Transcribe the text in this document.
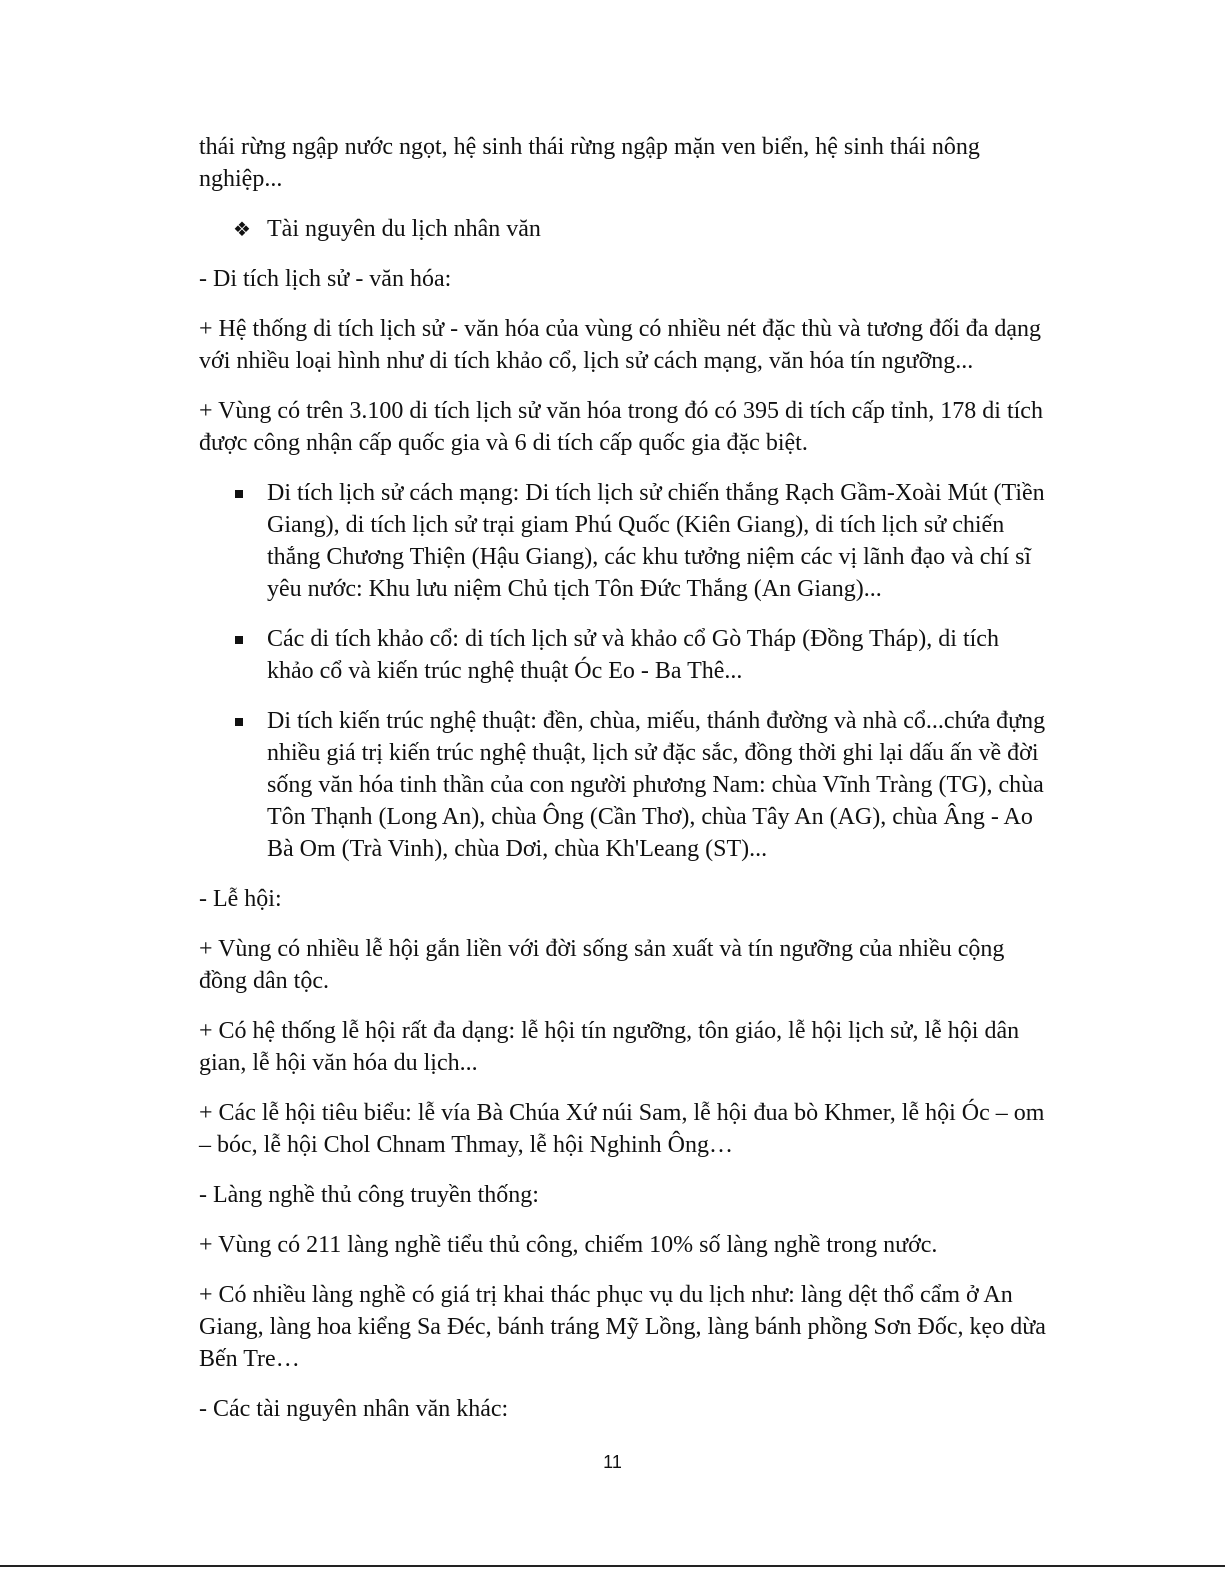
thái rừng ngập nước ngọt, hệ sinh thái rừng ngập mặn ven biển, hệ sinh thái nông nghiệp...

❖ Tài nguyên du lịch nhân văn

- Di tích lịch sử - văn hóa:

+ Hệ thống di tích lịch sử - văn hóa của vùng có nhiều nét đặc thù và tương đối đa dạng với nhiều loại hình như di tích khảo cổ, lịch sử cách mạng, văn hóa tín ngưỡng...

+ Vùng có trên 3.100 di tích lịch sử văn hóa trong đó có 395 di tích cấp tỉnh, 178 di tích được công nhận cấp quốc gia và 6 di tích cấp quốc gia đặc biệt.

Di tích lịch sử cách mạng: Di tích lịch sử chiến thắng Rạch Gầm-Xoài Mút (Tiền Giang), di tích lịch sử trại giam Phú Quốc (Kiên Giang), di tích lịch sử chiến thắng Chương Thiện (Hậu Giang), các khu tưởng niệm các vị lãnh đạo và chí sĩ yêu nước: Khu lưu niệm Chủ tịch Tôn Đức Thắng (An Giang)...
Các di tích khảo cổ: di tích lịch sử và khảo cổ Gò Tháp (Đồng Tháp), di tích khảo cổ và kiến trúc nghệ thuật Óc Eo - Ba Thê...
Di tích kiến trúc nghệ thuật: đền, chùa, miếu, thánh đường và nhà cổ...chứa đựng nhiều giá trị kiến trúc nghệ thuật, lịch sử đặc sắc, đồng thời ghi lại dấu ấn về đời sống văn hóa tinh thần của con người phương Nam: chùa Vĩnh Tràng (TG), chùa Tôn Thạnh (Long An), chùa Ông (Cần Thơ), chùa Tây An (AG), chùa Âng - Ao Bà Om (Trà Vinh), chùa Dơi, chùa Kh'Leang (ST)...

- Lễ hội:

+ Vùng có nhiều lễ hội gắn liền với đời sống sản xuất và tín ngưỡng của nhiều cộng đồng dân tộc.

+ Có hệ thống lễ hội rất đa dạng: lễ hội tín ngưỡng, tôn giáo, lễ hội lịch sử, lễ hội dân gian, lễ hội văn hóa du lịch...

+ Các lễ hội tiêu biểu: lễ vía Bà Chúa Xứ núi Sam, lễ hội đua bò Khmer, lễ hội Óc – om – bóc, lễ hội Chol Chnam Thmay, lễ hội Nghinh Ông…

- Làng nghề thủ công truyền thống:

+ Vùng có 211 làng nghề tiểu thủ công, chiếm 10% số làng nghề trong nước.

+ Có nhiều làng nghề có giá trị khai thác phục vụ du lịch như: làng dệt thổ cẩm ở An Giang, làng hoa kiểng Sa Đéc, bánh tráng Mỹ Lồng, làng bánh phồng Sơn Đốc, kẹo dừa Bến Tre…

- Các tài nguyên nhân văn khác:

11
